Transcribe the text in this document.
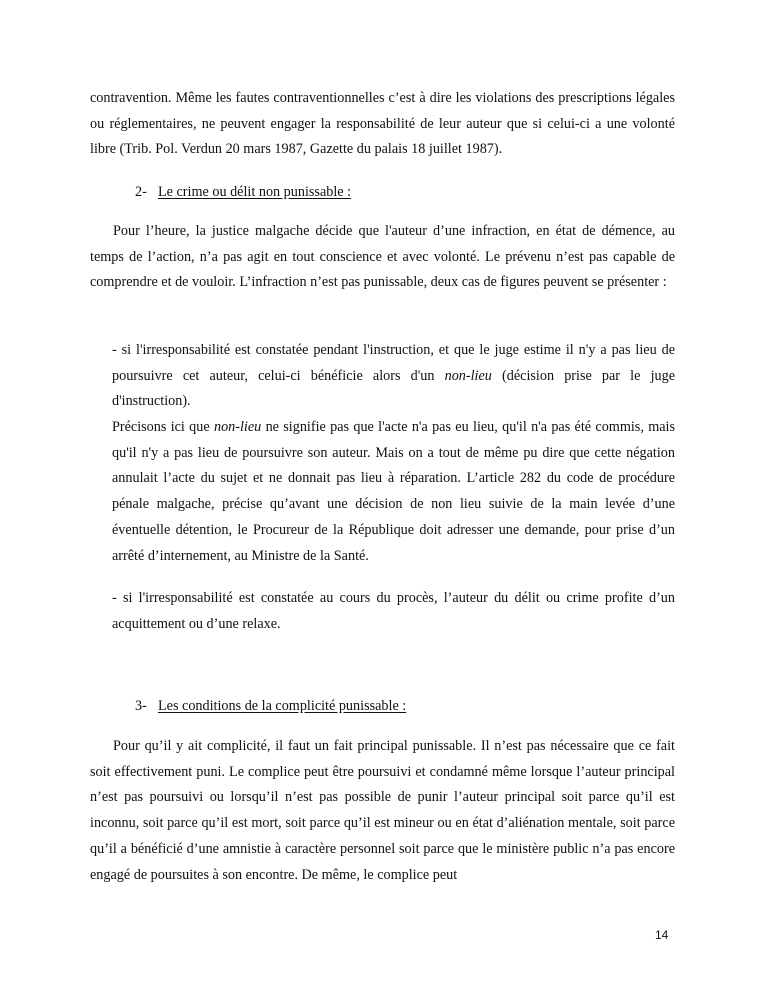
contravention. Même les fautes contraventionnelles c’est à dire les violations des prescriptions légales ou réglementaires, ne peuvent engager la responsabilité de leur auteur que si celui-ci a une volonté libre (Trib. Pol. Verdun 20 mars 1987, Gazette du palais 18 juillet 1987).
2- Le crime ou délit non punissable :
Pour l’heure, la justice malgache décide que l'auteur d’une infraction, en état de démence, au temps de l’action, n’a pas agit en tout conscience et avec volonté. Le prévenu n’est pas capable de comprendre et de vouloir. L’infraction n’est pas punissable, deux cas de figures peuvent se présenter :
- si l'irresponsabilité est constatée pendant l'instruction, et que le juge estime il n'y a pas lieu de poursuivre cet auteur, celui-ci bénéficie alors d'un non-lieu (décision prise par le juge d'instruction).
Précisons ici que non-lieu ne signifie pas que l'acte n'a pas eu lieu, qu'il n'a pas été commis, mais qu'il n'y a pas lieu de poursuivre son auteur. Mais on a tout de même pu dire que cette négation annulait l’acte du sujet et ne donnait pas lieu à réparation. L’article 282 du code de procédure pénale malgache, précise qu’avant une décision de non lieu suivie de la main levée d’une éventuelle détention, le Procureur de la République doit adresser une demande, pour prise d’un arrêté d’internement, au Ministre de la Santé.
- si l'irresponsabilité est constatée au cours du procès, l’auteur du délit ou crime profite d’un acquittement ou d’une relaxe.
3- Les conditions de la complicité punissable :
Pour qu’il y ait complicité, il faut un fait principal punissable. Il n’est pas nécessaire que ce fait soit effectivement puni. Le complice peut être poursuivi et condamné même lorsque l’auteur principal n’est pas poursuivi ou lorsqu’il n’est pas possible de punir l’auteur principal soit parce qu’il est inconnu, soit parce qu’il est mort, soit parce qu’il est mineur ou en état d’aliénation mentale, soit parce qu’il a bénéficié d’une amnistie à caractère personnel soit parce que le ministère public n’a pas encore engagé de poursuites à son encontre. De même, le complice peut
14
